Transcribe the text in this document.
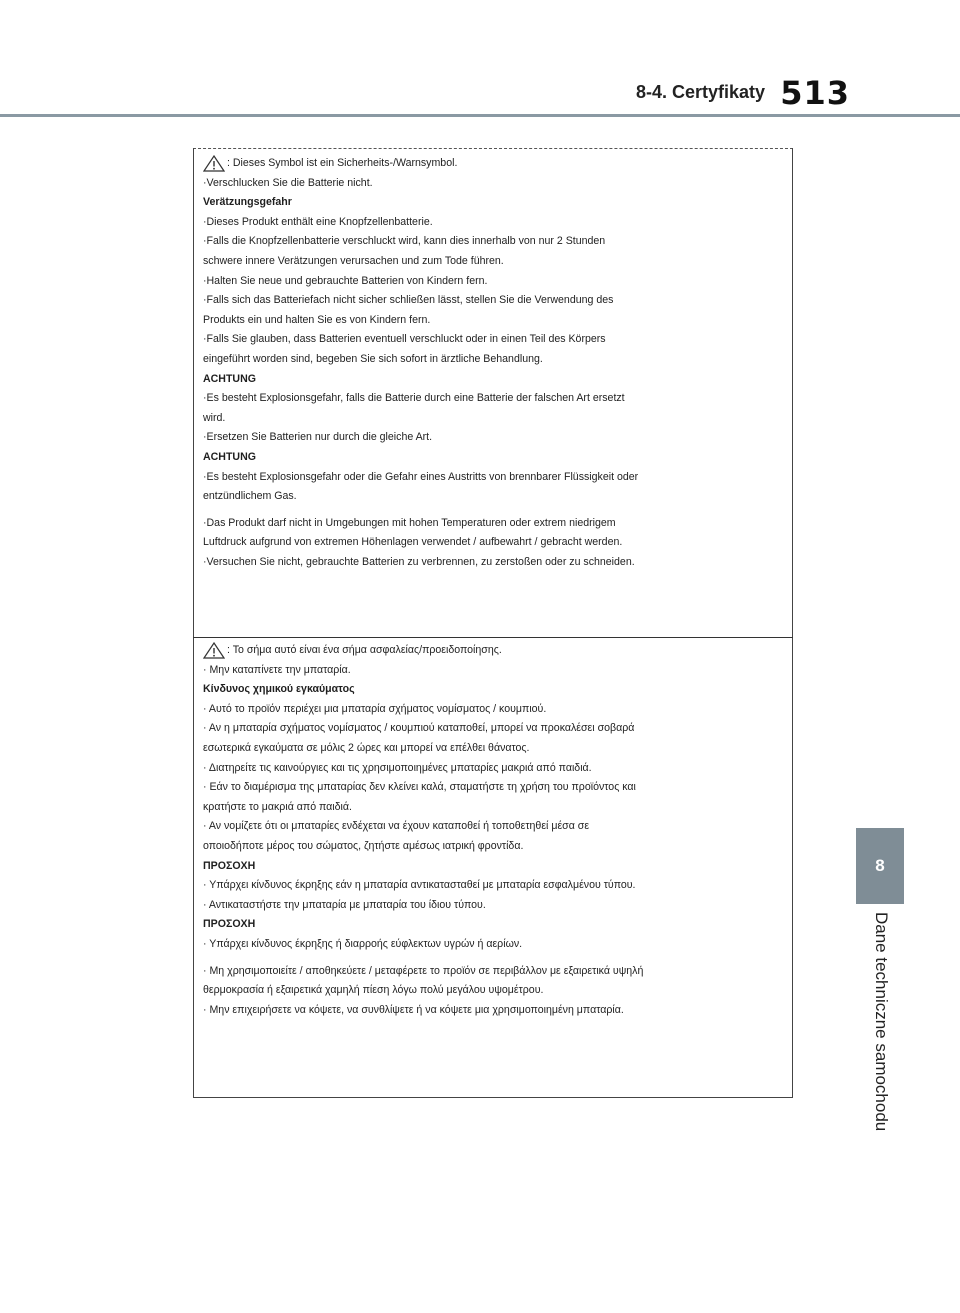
8-4. Certyfikaty 513
8
Dane techniczne samochodu
: Dieses Symbol ist ein Sicherheits-/Warnsymbol.

·Verschlucken Sie die Batterie nicht.

Verätzungsgefahr

·Dieses Produkt enthält eine Knopfzellenbatterie.

·Falls die Knopfzellenbatterie verschluckt wird, kann dies innerhalb von nur 2 Stunden

schwere innere Verätzungen verursachen und zum Tode führen.

·Halten Sie neue und gebrauchte Batterien von Kindern fern.

·Falls sich das Batteriefach nicht sicher schließen lässt, stellen Sie die Verwendung des

Produkts ein und halten Sie es von Kindern fern.

·Falls Sie glauben, dass Batterien eventuell verschluckt oder in einen Teil des Körpers

eingeführt worden sind, begeben Sie sich sofort in ärztliche Behandlung.

ACHTUNG

·Es besteht Explosionsgefahr, falls die Batterie durch eine Batterie der falschen Art ersetzt

wird.

·Ersetzen Sie Batterien nur durch die gleiche Art.

ACHTUNG

·Es besteht Explosionsgefahr oder die Gefahr eines Austritts von brennbarer Flüssigkeit oder

entzündlichem Gas.

·Das Produkt darf nicht in Umgebungen mit hohen Temperaturen oder extrem niedrigem

Luftdruck aufgrund von extremen Höhenlagen verwendet / aufbewahrt / gebracht werden.

·Versuchen Sie nicht, gebrauchte Batterien zu verbrennen, zu zerstoßen oder zu schneiden.

: Το σήμα αυτό είναι ένα σήμα ασφαλείας/προειδοποίησης.

· Μην καταπίνετε την μπαταρία.

Κίνδυνος χημικού εγκαύματος

· Αυτό το προϊόν περιέχει μια μπαταρία σχήματος νομίσματος / κουμπιού.

· Αν η μπαταρία σχήματος νομίσματος / κουμπιού καταποθεί, μπορεί να προκαλέσει σοβαρά

εσωτερικά εγκαύματα σε μόλις 2 ώρες και μπορεί να επέλθει θάνατος.

· Διατηρείτε τις καινούργιες και τις χρησιμοποιημένες μπαταρίες μακριά από παιδιά.

· Εάν το διαμέρισμα της μπαταρίας δεν κλείνει καλά, σταματήστε τη χρήση του προϊόντος και

κρατήστε το μακριά από παιδιά.

· Αν νομίζετε ότι οι μπαταρίες ενδέχεται να έχουν καταποθεί ή τοποθετηθεί μέσα σε

οποιοδήποτε μέρος του σώματος, ζητήστε αμέσως ιατρική φροντίδα.

ΠΡΟΣΟΧΗ

· Υπάρχει κίνδυνος έκρηξης εάν η μπαταρία αντικατασταθεί με μπαταρία εσφαλμένου τύπου.

· Αντικαταστήστε την μπαταρία με μπαταρία του ίδιου τύπου.

ΠΡΟΣΟΧΗ

· Υπάρχει κίνδυνος έκρηξης ή διαρροής εύφλεκτων υγρών ή αερίων.

· Μη χρησιμοποιείτε / αποθηκεύετε / μεταφέρετε το προϊόν σε περιβάλλον με εξαιρετικά υψηλή

θερμοκρασία ή εξαιρετικά χαμηλή πίεση λόγω πολύ μεγάλου υψομέτρου.

· Μην επιχειρήσετε να κόψετε, να συνθλίψετε ή να κόψετε μια χρησιμοποιημένη μπαταρία.
